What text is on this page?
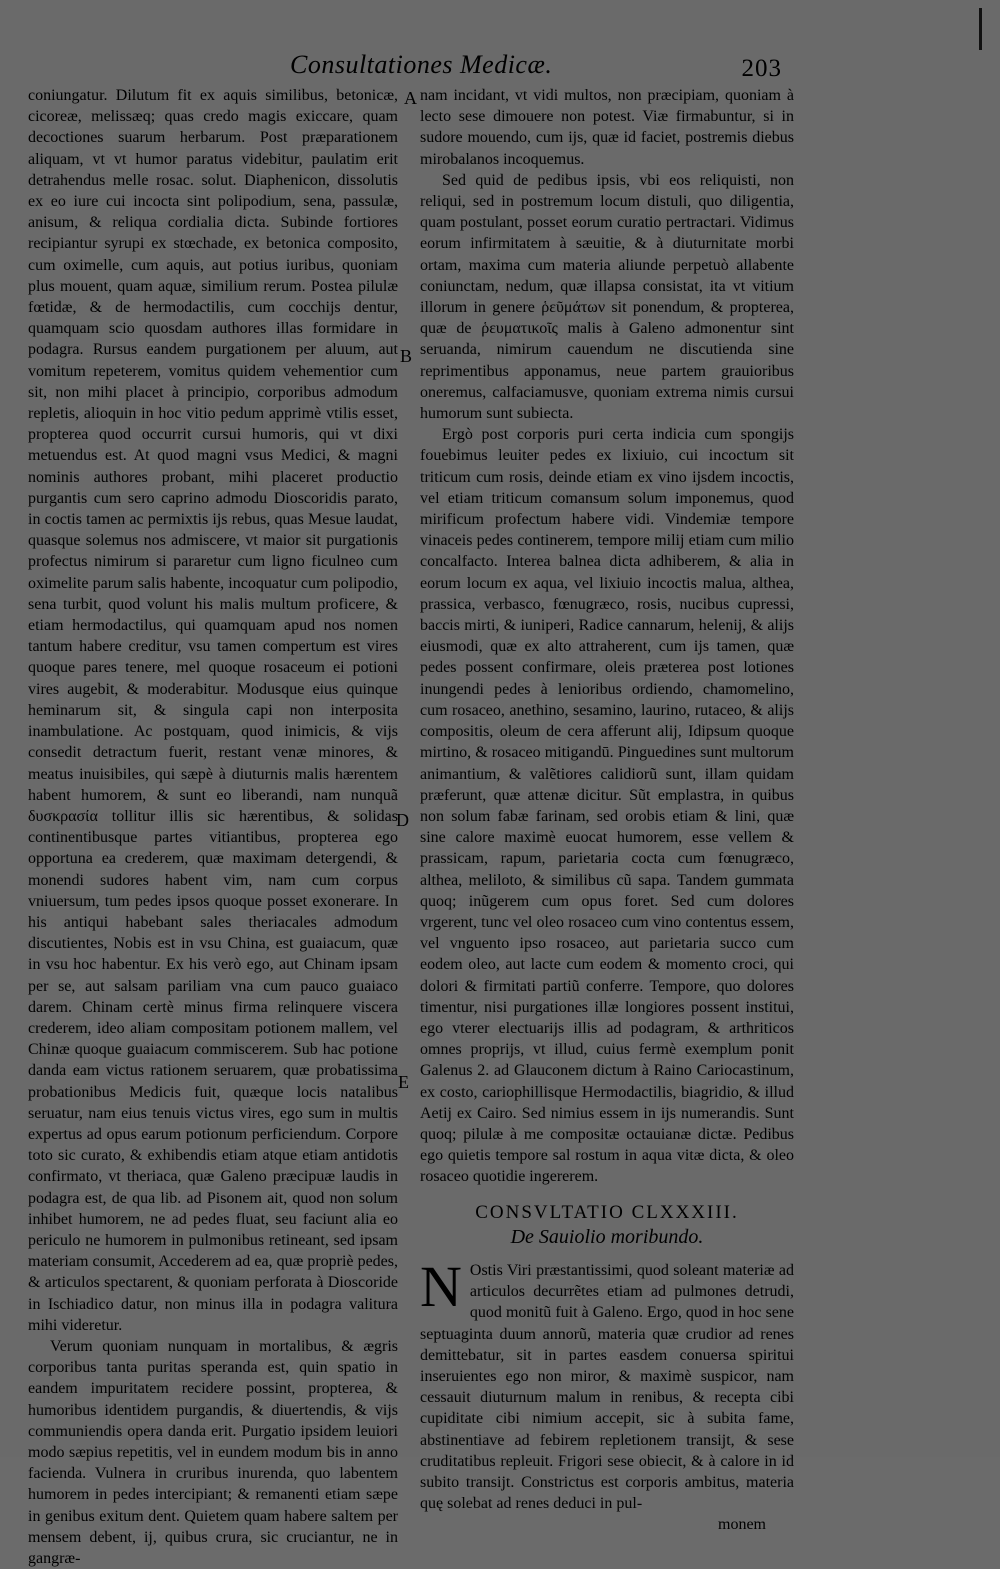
Consultationes Medicæ.	203
A
B
D
E

coniungatur. Dilutum fit ex aquis similibus, betonicæ, cicoreæ, melissæq; quas credo magis exiccare, quam decoctiones suarum herbarum. Post præparationem aliquam, vt vt humor paratus videbitur, paulatim erit detrahendus melle rosac. solut. Diaphenicon, dissolutis ex eo iure cui incocta sint polipodium, sena, passulæ, anisum, & reliqua cordialia dicta. Subinde fortiores recipiantur syrupi ex stœchade, ex betonica composito, cum oximelle, cum aquis, aut potius iuribus, quoniam plus mouent, quam aquæ, similium rerum. Postea pilulæ fœtidæ, & de hermodactilis, cum cocchijs dentur, quamquam scio quosdam authores illas formidare in podagra. Rursus eandem purgationem per aluum, aut vomitum repeterem, vomitus quidem vehementior cum sit, non mihi placet à principio, corporibus admodum repletis, alioquin in hoc vitio pedum apprimè vtilis esset, propterea quod occurrit cursui humoris, qui vt dixi metuendus est. At quod magni vsus Medici, & magni nominis authores probant, mihi placeret productio purgantis cum sero caprino admodu Dioscoridis parato, in coctis tamen ac permixtis ijs rebus, quas Mesue laudat, quasque solemus nos admiscere, vt maior sit purgationis profectus nimirum si pararetur cum ligno ficulneo cum oximelite parum salis habente, incoquatur cum polipodio, sena turbit, quod volunt his malis multum proficere, & etiam hermodactilus, qui quamquam apud nos nomen tantum habere creditur, vsu tamen compertum est vires quoque pares tenere, mel quoque rosaceum ei potioni vires augebit, & moderabitur. Modusque eius quinque heminarum sit, & singula capi non interposita inambulatione. Ac postquam, quod inimicis, & vijs consedit detractum fuerit, restant venæ minores, & meatus inuisibiles, qui sæpè à diuturnis malis hærentem habent humorem, & sunt eo liberandi, nam nunquã δυσκρασία tollitur illis sic hærentibus, & solidas continentibusque partes vitiantibus, propterea ego opportuna ea crederem, quæ maximam detergendi, & monendi sudores habent vim, nam cum corpus vniuersum, tum pedes ipsos quoque posset exonerare. In his antiqui habebant sales theriacales admodum discutientes, Nobis est in vsu China, est guaiacum, quæ in vsu hoc habentur. Ex his verò ego, aut Chinam ipsam per se, aut salsam pariliam vna cum pauco guaiaco darem. Chinam certè minus firma relinquere viscera crederem, ideo aliam compositam potionem mallem, vel Chinæ quoque guaiacum commiscerem. Sub hac potione danda eam victus rationem seruarem, quæ probatissima probationibus Medicis fuit, quæque locis natalibus seruatur, nam eius tenuis victus vires, ego sum in multis expertus ad opus earum potionum perficiendum. Corpore toto sic curato, & exhibendis etiam atque etiam antidotis confirmato, vt theriaca, quæ Galeno præcipuæ laudis in podagra est, de qua lib. ad Pisonem ait, quod non solum inhibet humorem, ne ad pedes fluat, seu faciunt alia eo periculo ne humorem in pulmonibus retineant, sed ipsam materiam consumit, Accederem ad ea, quæ propriè pedes, & articulos spectarent, & quoniam perforata à Dioscoride in Ischiadico datur, non minus illa in podagra valitura mihi videretur.

Verum quoniam nunquam in mortalibus, & ægris corporibus tanta puritas speranda est, quin spatio in eandem impuritatem recidere possint, propterea, & humoribus identidem purgandis, & diuertendis, & vijs communiendis opera danda erit. Purgatio ipsidem leuiori modo sæpius repetitis, vel in eundem modum bis in anno facienda. Vulnera in cruribus inurenda, quo labentem humorem in pedes intercipiant; & remanenti etiam sæpe in genibus exitum dent. Quietem quam habere saltem per mensem debent, ij, quibus crura, sic cruciantur, ne in gangræ-

nam incidant, vt vidi multos, non præcipiam, quoniam à lecto sese dimouere non potest. Viæ firmabuntur, si in sudore mouendo, cum ijs, quæ id faciet, postremis diebus mirobalanos incoquemus.

Sed quid de pedibus ipsis, vbi eos reliquisti, non reliqui, sed in postremum locum distuli, quo diligentia, quam postulant, posset eorum curatio pertractari. Vidimus eorum infirmitatem à sæuitie, & à diuturnitate morbi ortam, maxima cum materia aliunde perpetuò allabente coniunctam, nedum, quæ illapsa consistat, ita vt vitium illorum in genere ῥεῦμάτων sit ponendum, & propterea, quæ de ῥευματικοῖς malis à Galeno admonentur sint seruanda, nimirum cauendum ne discutienda sine reprimentibus apponamus, neue partem grauioribus oneremus, calfaciamusve, quoniam extrema nimis cursui humorum sunt subiecta.

Ergò post corporis puri certa indicia cum spongijs fouebimus leuiter pedes ex lixiuio, cui incoctum sit triticum cum rosis, deinde etiam ex vino ijsdem incoctis, vel etiam triticum comansum solum imponemus, quod mirificum profectum habere vidi. Vindemiæ tempore vinaceis pedes continerem, tempore milij etiam cum milio concalfacto. Interea balnea dicta adhiberem, & alia in eorum locum ex aqua, vel lixiuio incoctis malua, althea, prassica, verbasco, fœnugræco, rosis, nucibus cupressi, baccis mirti, & iuniperi, Radice cannarum, helenij, & alijs eiusmodi, quæ ex alto attraherent, cum ijs tamen, quæ pedes possent confirmare, oleis præterea post lotiones inungendi pedes à lenioribus ordiendo, chamomelino, cum rosaceo, anethino, sesamino, laurino, rutaceo, & alijs compositis, oleum de cera afferunt alij, Idipsum quoque mirtino, & rosaceo mitigandū. Pinguedines sunt multorum animantium, & valẽtiores calidiorũ sunt, illam quidam præferunt, quæ attenæ dicitur. Sũt emplastra, in quibus non solum fabæ farinam, sed orobis etiam & lini, quæ sine calore maximè euocat humorem, esse vellem & prassicam, rapum, parietaria cocta cum fœnugræco, althea, meliloto, & similibus cũ sapa. Tandem gummata quoq; inũgerem cum opus foret. Sed cum dolores vrgerent, tunc vel oleo rosaceo cum vino contentus essem, vel vnguento ipso rosaceo, aut parietaria succo cum eodem oleo, aut lacte cum eodem & momento croci, qui dolori & firmitati partiũ conferre. Tempore, quo dolores timentur, nisi purgationes illæ longiores possent institui, ego vterer electuarijs illis ad podagram, & arthriticos omnes proprijs, vt illud, cuius fermè exemplum ponit Galenus 2. ad Glauconem dictum à Raino Cariocastinum, ex costo, cariophillisque Hermodactilis, biagridio, & illud Aetij ex Cairo. Sed nimius essem in ijs numerandis. Sunt quoq; pilulæ à me compositæ octauianæ dictæ. Pedibus ego quietis tempore sal rostum in aqua vitæ dicta, & oleo rosaceo quotidie ingererem.

CONSVLTATIO CLXXXIII.
De Sauiolio moribundo.
N Ostis Viri præstantissimi, quod soleant materiæ ad articulos decurrẽtes etiam ad pulmones detrudi, quod monitũ fuit à Galeno. Ergo, quod in hoc sene septuaginta duum annorũ, materia quæ crudior ad renes demittebatur, sit in partes easdem conuersa spiritui inseruientes ego non miror, & maximè suspicor, nam cessauit diuturnum malum in renibus, & recepta cibi cupiditate cibi nimium accepit, sic à subita fame, abstinentiave ad febirem repletionem transijt, & sese cruditatibus repleuit. Frigori sese obiecit, & à calore in id subito transijt. Constrictus est corporis ambitus, materia quę solebat ad renes deduci in pul-

monem
